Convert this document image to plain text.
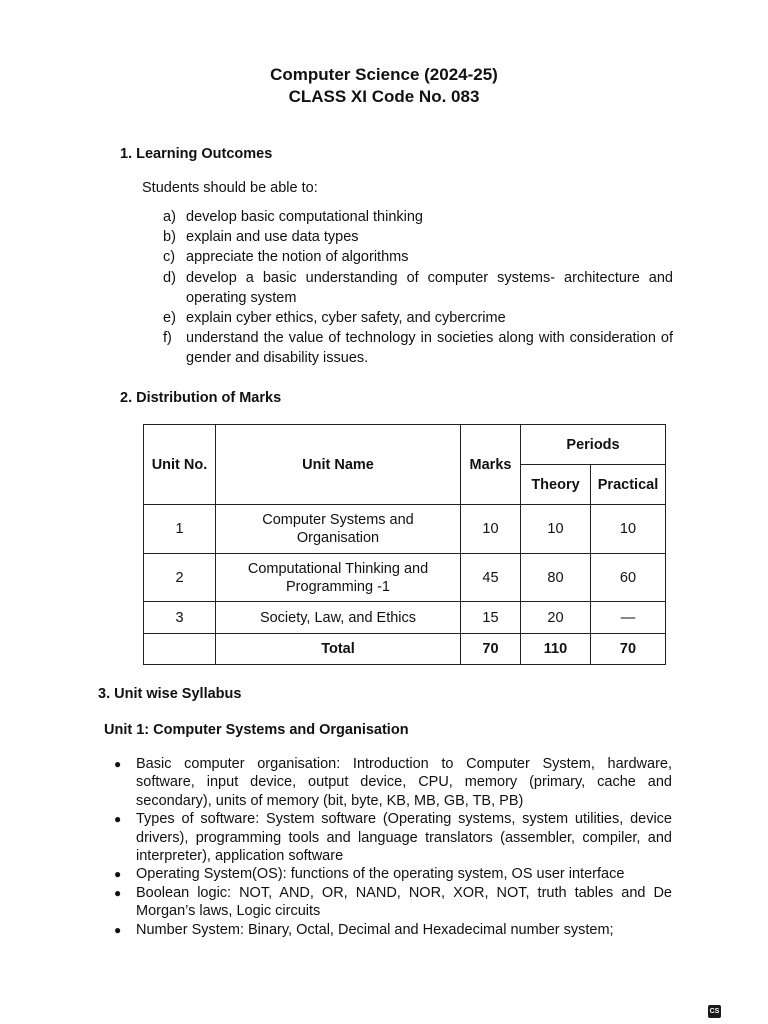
Computer Science (2024-25)
CLASS XI Code No. 083
1. Learning Outcomes

Students should be able to:

a) develop basic computational thinking
b) explain and use data types
c) appreciate the notion of algorithms
d) develop a basic understanding of computer systems- architecture and operating system
e) explain cyber ethics, cyber safety, and cybercrime
f) understand the value of technology in societies along with consideration of gender and disability issues.
2. Distribution of Marks
Unit No.	Unit Name	Marks	Periods	
			Theory	Practical
1	Computer Systems and Organisation	10	10	10
2	Computational Thinking and Programming -1	45	80	60
3	Society, Law, and Ethics	15	20	—
	Total	70	110	70
3. Unit wise Syllabus
Unit 1: Computer Systems and Organisation
● Basic computer organisation: Introduction to Computer System, hardware, software, input device, output device, CPU, memory (primary, cache and secondary), units of memory (bit, byte, KB, MB, GB, TB, PB)
● Types of software: System software (Operating systems, system utilities, device drivers), programming tools and language translators (assembler, compiler, and interpreter), application software
● Operating System(OS): functions of the operating system, OS user interface
● Boolean logic: NOT, AND, OR, NAND, NOR, XOR, NOT, truth tables and De Morgan’s laws, Logic circuits
● Number System: Binary, Octal, Decimal and Hexadecimal number system;
CS
